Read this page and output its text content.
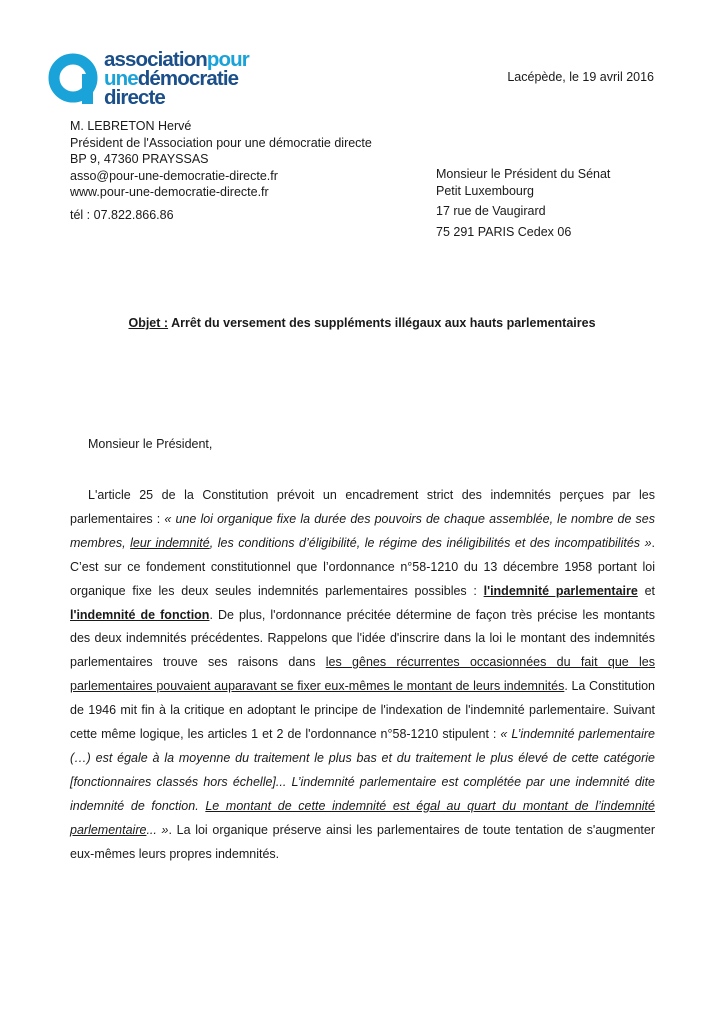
associationpour
unedémocratie
directe
Lacépède, le 19 avril 2016
M. LEBRETON Hervé
Président de l'Association pour une démocratie directe
BP 9, 47360 PRAYSSAS
asso@pour-une-democratie-directe.fr
www.pour-une-democratie-directe.fr
tél : 07.822.866.86
Monsieur le Président du Sénat
Petit Luxembourg
17 rue de Vaugirard
75 291 PARIS Cedex 06
Objet : Arrêt du versement des suppléments illégaux aux hauts parlementaires
Monsieur le Président,
L'article 25 de la Constitution prévoit un encadrement strict des indemnités perçues par les parlementaires : « une loi organique fixe la durée des pouvoirs de chaque assemblée, le nombre de ses membres, leur indemnité, les conditions d’éligibilité, le régime des inéligibilités et des incompatibilités ». C’est sur ce fondement constitutionnel que l’ordonnance n°58-1210 du 13 décembre 1958 portant loi organique fixe les deux seules indemnités parlementaires possibles : l'indemnité parlementaire et l'indemnité de fonction. De plus, l'ordonnance précitée détermine de façon très précise les montants des deux indemnités précédentes. Rappelons que l'idée d'inscrire dans la loi le montant des indemnités parlementaires trouve ses raisons dans les gênes récurrentes occasionnées du fait que les parlementaires pouvaient auparavant se fixer eux-mêmes le montant de leurs indemnités. La Constitution de 1946 mit fin à la critique en adoptant le principe de l'indexation de l'indemnité parlementaire. Suivant cette même logique, les articles 1 et 2 de l'ordonnance n°58-1210 stipulent : « L’indemnité parlementaire (…) est égale à la moyenne du traitement le plus bas et du traitement le plus élevé de cette catégorie [fonctionnaires classés hors échelle]... L’indemnité parlementaire est complétée par une indemnité dite indemnité de fonction. Le montant de cette indemnité est égal au quart du montant de l’indemnité parlementaire... ». La loi organique préserve ainsi les parlementaires de toute tentation de s'augmenter eux-mêmes leurs propres indemnités.
